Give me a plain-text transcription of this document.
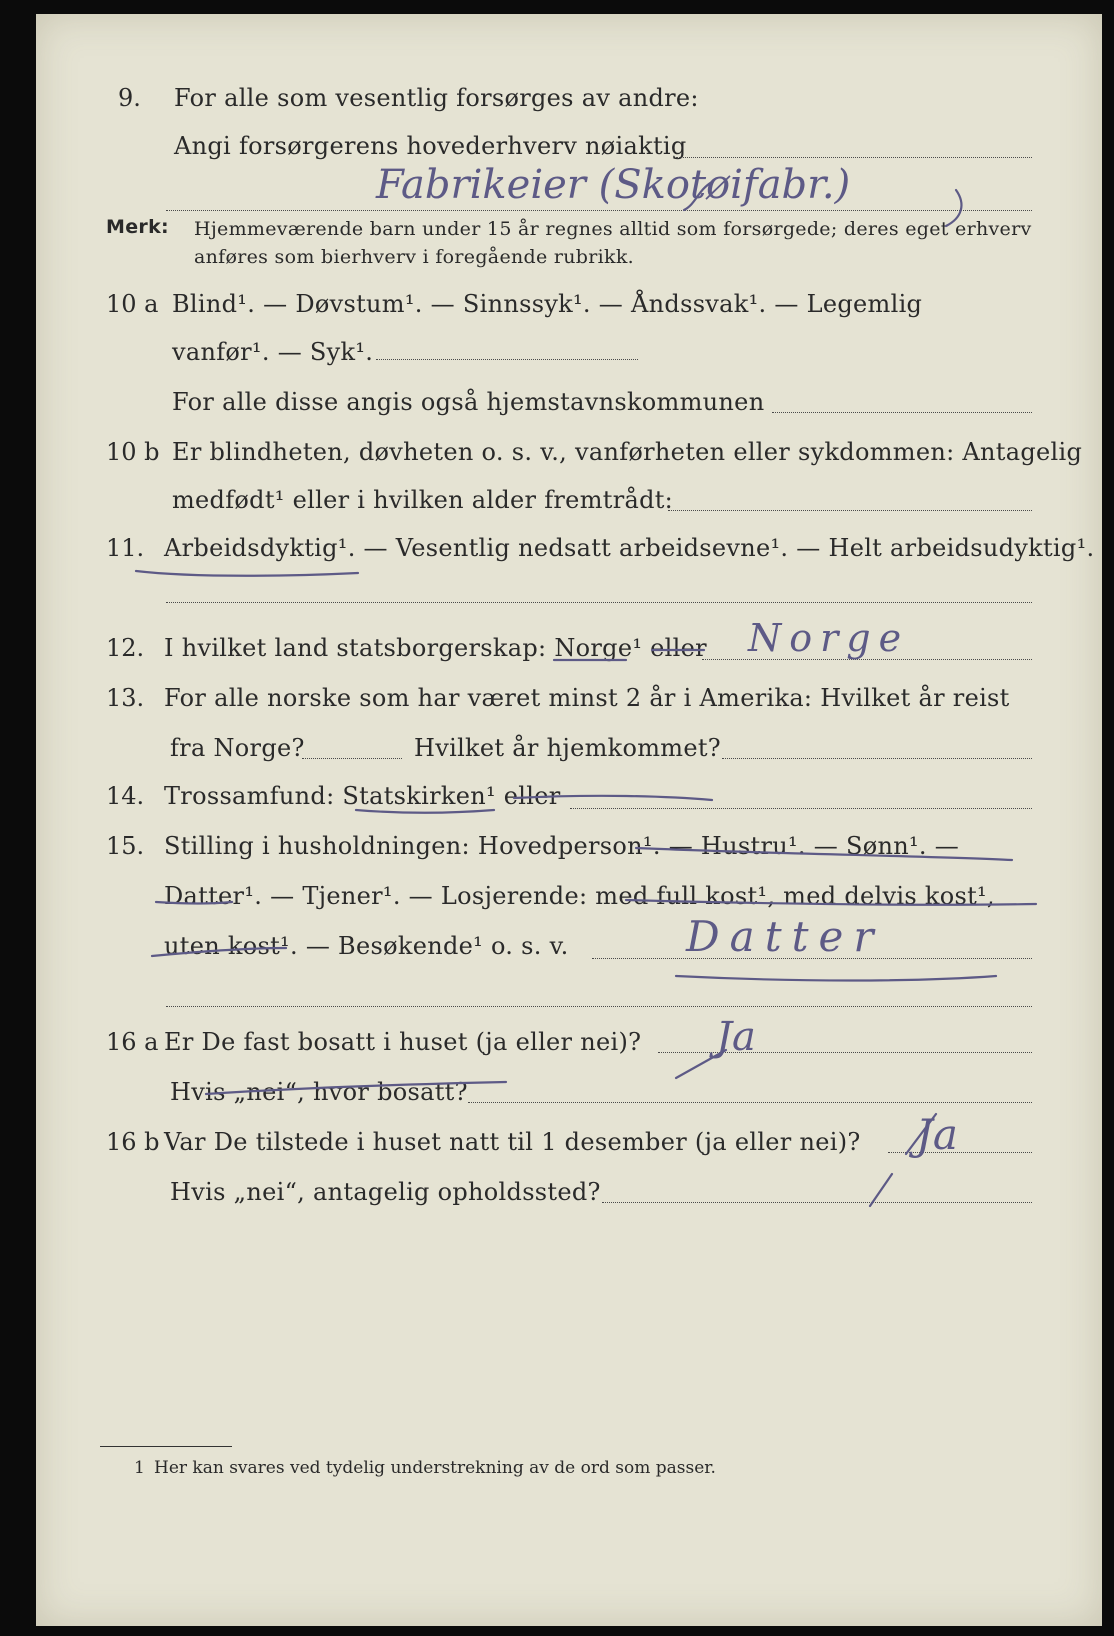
9. For alle som vesentlig forsørges av andre:
Angi forsørgerens hovederhverv nøiaktig
Fabrikeier (Skotøifabr.)
Merk: Hjemmeværende barn under 15 år regnes alltid som forsørgede; deres eget erhverv
anføres som bierhverv i foregående rubrikk.
10 a Blind¹. — Døvstum¹. — Sinnssyk¹. — Åndssvak¹. — Legemlig
vanfør¹. — Syk¹.
For alle disse angis også hjemstavnskommunen
10 b Er blindheten, døvheten o. s. v., vanførheten eller sykdommen: Antagelig
medfødt¹ eller i hvilken alder fremtrådt:
11. Arbeidsdyktig¹. — Vesentlig nedsatt arbeidsevne¹. — Helt arbeidsudyktig¹.
12. I hvilket land statsborgerskap: Norge¹ eller Norge
13. For alle norske som har været minst 2 år i Amerika: Hvilket år reist
fra Norge?	Hvilket år hjemkommet?
14. Trossamfund: Statskirken¹ eller
15. Stilling i husholdningen: Hovedperson¹. — Hustru¹. — Sønn¹. —
Datter¹. — Tjener¹. — Losjerende: med full kost¹, med delvis kost¹,
uten kost¹. — Besøkende¹ o. s. v.	Datter
16 a Er De fast bosatt i huset (ja eller nei)? Ja
Hvis „nei“, hvor bosatt?
16 b Var De tilstede i huset natt til 1 desember (ja eller nei)? Ja
Hvis „nei“, antagelig opholdssted?
1 Her kan svares ved tydelig understrekning av de ord som passer.
